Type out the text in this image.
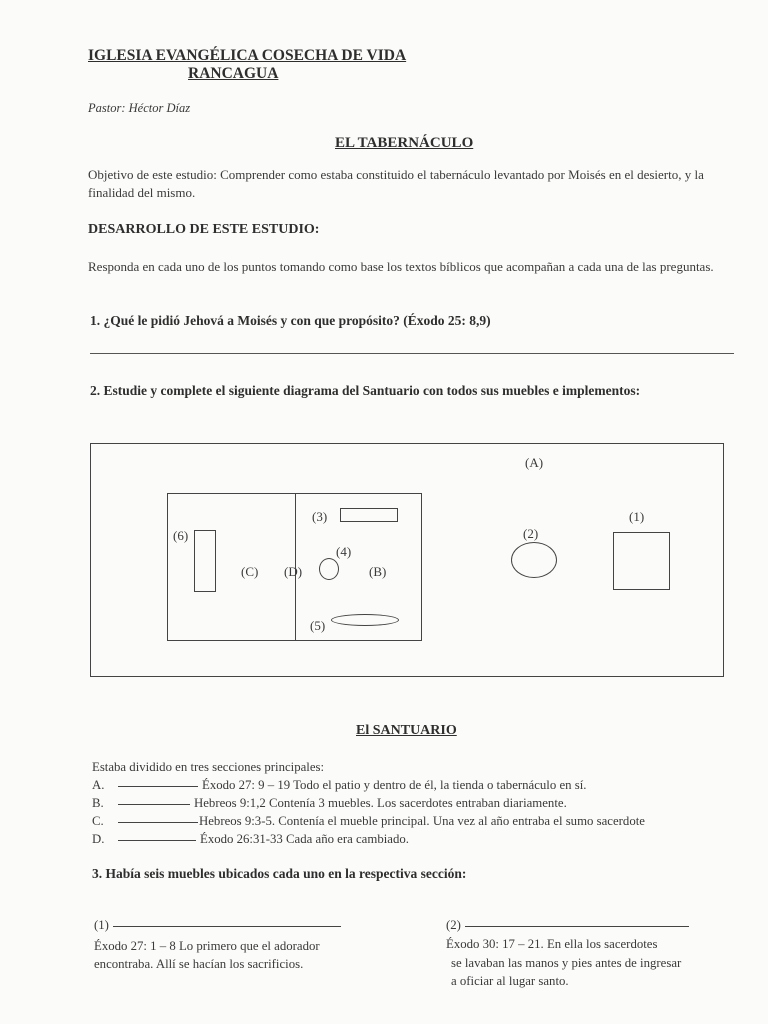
IGLESIA EVANGÉLICA COSECHA DE VIDA
RANCAGUA
Pastor: Héctor Díaz
EL TABERNÁCULO
Objetivo de este estudio: Comprender como estaba constituido el tabernáculo levantado por Moisés en el desierto, y la finalidad del mismo.
DESARROLLO DE ESTE ESTUDIO:
Responda en cada uno de los puntos tomando como base los textos bíblicos que acompañan a cada una de las preguntas.
1. ¿Qué le pidió Jehová a Moisés y con que propósito? (Éxodo 25: 8,9)
2. Estudie y complete el siguiente diagrama del Santuario con todos sus muebles e implementos:
(A)
(1)
(2)
(3)
(4)
(5)
(6)
(C) (D)	(B)
El SANTUARIO
Estaba dividido en tres secciones principales:
A.	Éxodo 27: 9 – 19 Todo el patio y dentro de él, la tienda o tabernáculo en sí.
B.	Hebreos 9:1,2 Contenía 3 muebles. Los sacerdotes entraban diariamente.
C.	Hebreos 9:3-5. Contenía el mueble principal. Una vez al año entraba el sumo sacerdote
D.	Éxodo 26:31-33 Cada año era cambiado.
3. Había seis muebles ubicados cada uno en la respectiva sección:
(1)
Éxodo 27: 1 – 8 Lo primero que el adorador
encontraba. Allí se hacían los sacrificios.
(2)
Éxodo 30: 17 – 21. En ella los sacerdotes
se lavaban las manos y pies antes de ingresar
a oficiar al lugar santo.
